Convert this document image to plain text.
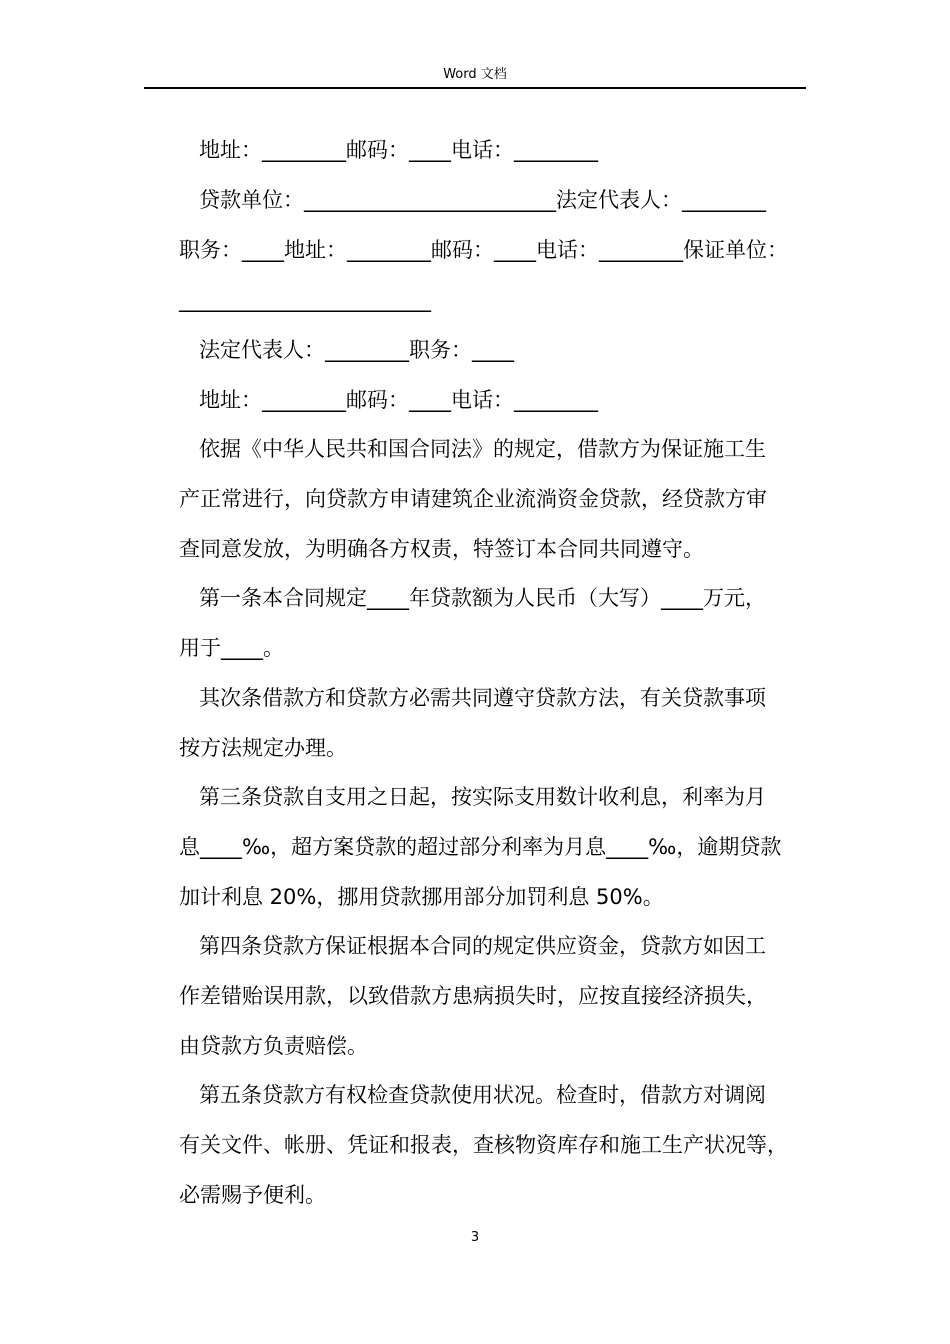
Word 文档
地址：________邮码：____电话：________
贷款单位：________________________法定代表人：________
职务：____地址：________邮码：____电话：________保证单位：
________________________
法定代表人：________职务：____
地址：________邮码：____电话：________
依据《中华人民共和国合同法》的规定，借款方为保证施工生
产正常进行，向贷款方申请建筑企业流淌资金贷款，经贷款方审
查同意发放，为明确各方权责，特签订本合同共同遵守。
第一条本合同规定____年贷款额为人民币（大写）____万元，
用于____。
其次条借款方和贷款方必需共同遵守贷款方法，有关贷款事项
按方法规定办理。
第三条贷款自支用之日起，按实际支用数计收利息，利率为月
息____‰，超方案贷款的超过部分利率为月息____‰，逾期贷款
加计利息 20%，挪用贷款挪用部分加罚利息 50%。
第四条贷款方保证根据本合同的规定供应资金，贷款方如因工
作差错贻误用款，以致借款方患病损失时，应按直接经济损失，
由贷款方负责赔偿。
第五条贷款方有权检查贷款使用状况。检查时，借款方对调阅
有关文件、帐册、凭证和报表，查核物资库存和施工生产状况等，
必需赐予便利。
3
